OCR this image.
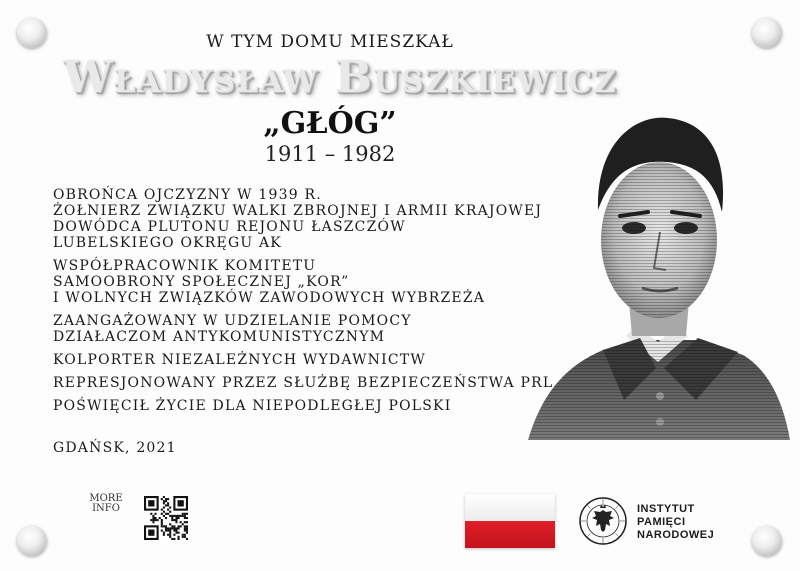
W TYM DOMU MIESZKAŁ
Władysław Buszkiewicz
„GŁÓG”
1911 – 1982
OBROŃCA OJCZYZNY W 1939 R.
ŻOŁNIERZ ZWIĄZKU WALKI ZBROJNEJ I ARMII KRAJOWEJ
DOWÓDCA PLUTONU REJONU ŁASZCZÓW
LUBELSKIEGO OKRĘGU AK
WSPÓŁPRACOWNIK KOMITETU
SAMOOBRONY SPOŁECZNEJ „KOR”
I WOLNYCH ZWIĄZKÓW ZAWODOWYCH WYBRZEŻA
ZAANGAŻOWANY W UDZIELANIE POMOCY
DZIAŁACZOM ANTYKOMUNISTYCZNYM
KOLPORTER NIEZALEŻNYCH WYDAWNICTW
REPRESJONOWANY PRZEZ SŁUŻBĘ BEZPIECZEŃSTWA PRL
POŚWIĘCIŁ ŻYCIE DLA NIEPODLEGŁEJ POLSKI
GDAŃSK, 2021
MORE
INFO	INSTYTUT
PAMIĘCI
NARODOWEJ
